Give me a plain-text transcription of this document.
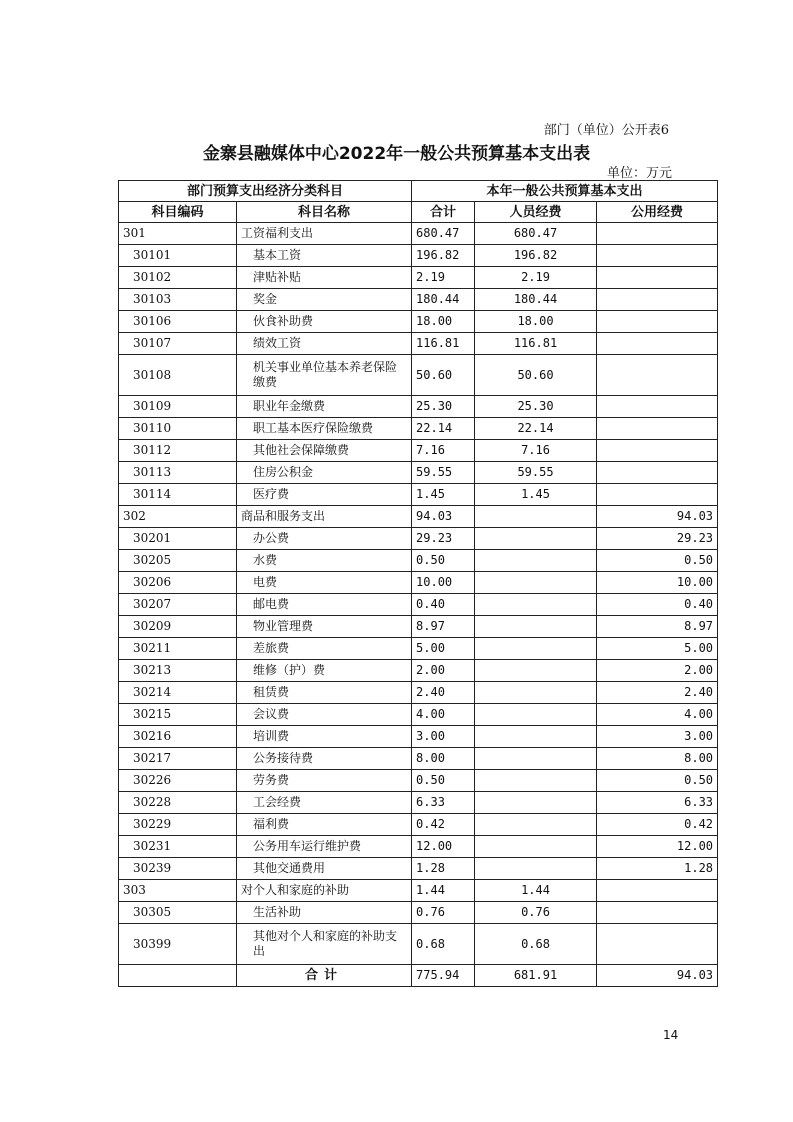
部门（单位）公开表6
金寨县融媒体中心2022年一般公共预算基本支出表
单位：万元
部门预算支出经济分类科目		本年一般公共预算基本支出		
科目编码	科目名称	合计	人员经费	公用经费
301	工资福利支出	680.47	680.47	
30101	基本工资	196.82	196.82	
30102	津贴补贴	2.19	2.19	
30103	奖金	180.44	180.44	
30106	伙食补助费	18.00	18.00	
30107	绩效工资	116.81	116.81	
30108	机关事业单位基本养老保险缴费	50.60	50.60	
30109	职业年金缴费	25.30	25.30	
30110	职工基本医疗保险缴费	22.14	22.14	
30112	其他社会保障缴费	7.16	7.16	
30113	住房公积金	59.55	59.55	
30114	医疗费	1.45	1.45	
302	商品和服务支出	94.03		94.03
30201	办公费	29.23		29.23
30205	水费	0.50		0.50
30206	电费	10.00		10.00
30207	邮电费	0.40		0.40
30209	物业管理费	8.97		8.97
30211	差旅费	5.00		5.00
30213	维修（护）费	2.00		2.00
30214	租赁费	2.40		2.40
30215	会议费	4.00		4.00
30216	培训费	3.00		3.00
30217	公务接待费	8.00		8.00
30226	劳务费	0.50		0.50
30228	工会经费	6.33		6.33
30229	福利费	0.42		0.42
30231	公务用车运行维护费	12.00		12.00
30239	其他交通费用	1.28		1.28
303	对个人和家庭的补助	1.44	1.44	
30305	生活补助	0.76	0.76	
30399	其他对个人和家庭的补助支出	0.68	0.68	
	合计	775.94	681.91	94.03
14
